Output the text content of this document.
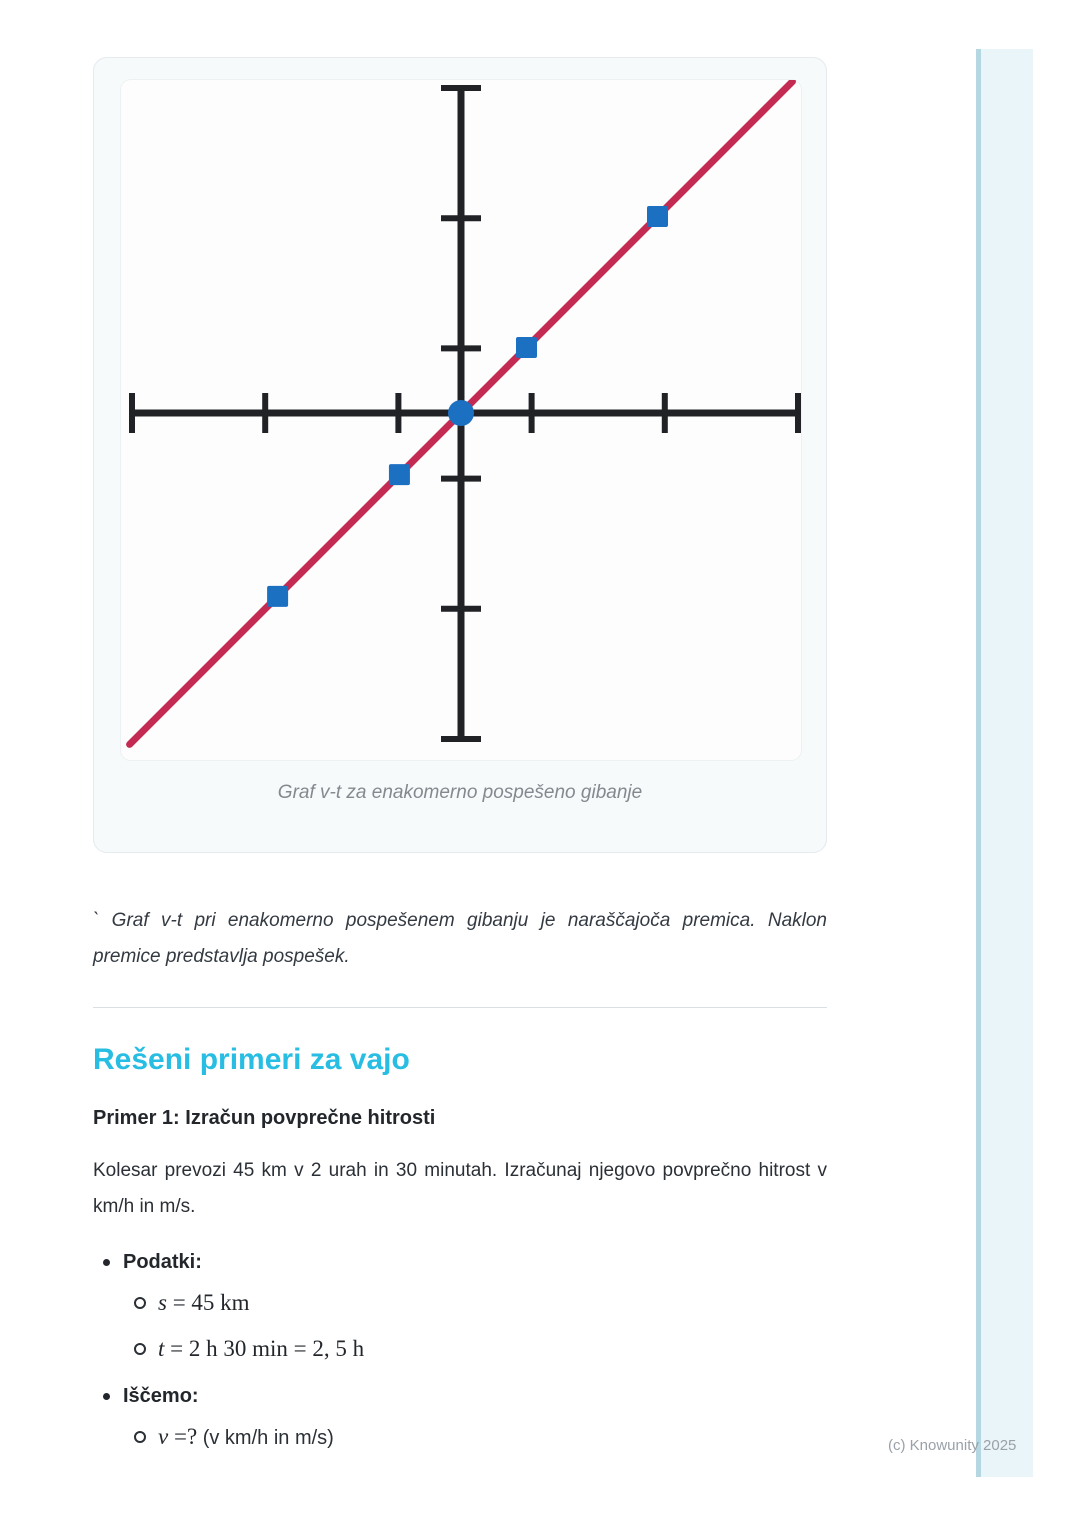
Graf v-t za enakomerno pospešeno gibanje

` Graf v-t pri enakomerno pospešenem gibanju je naraščajoča premica. Naklon premice predstavlja pospešek.

Rešeni primeri za vajo
Primer 1: Izračun povprečne hitrosti

Kolesar prevozi 45 km v 2 urah in 30 minutah. Izračunaj njegovo povprečno hitrost v km/h in m/s.

Podatki:
s = 45 km
t = 2 h 30 min = 2, 5 h
Iščemo:
v =? (v km/h in m/s)	(c) Knowunity 2025
